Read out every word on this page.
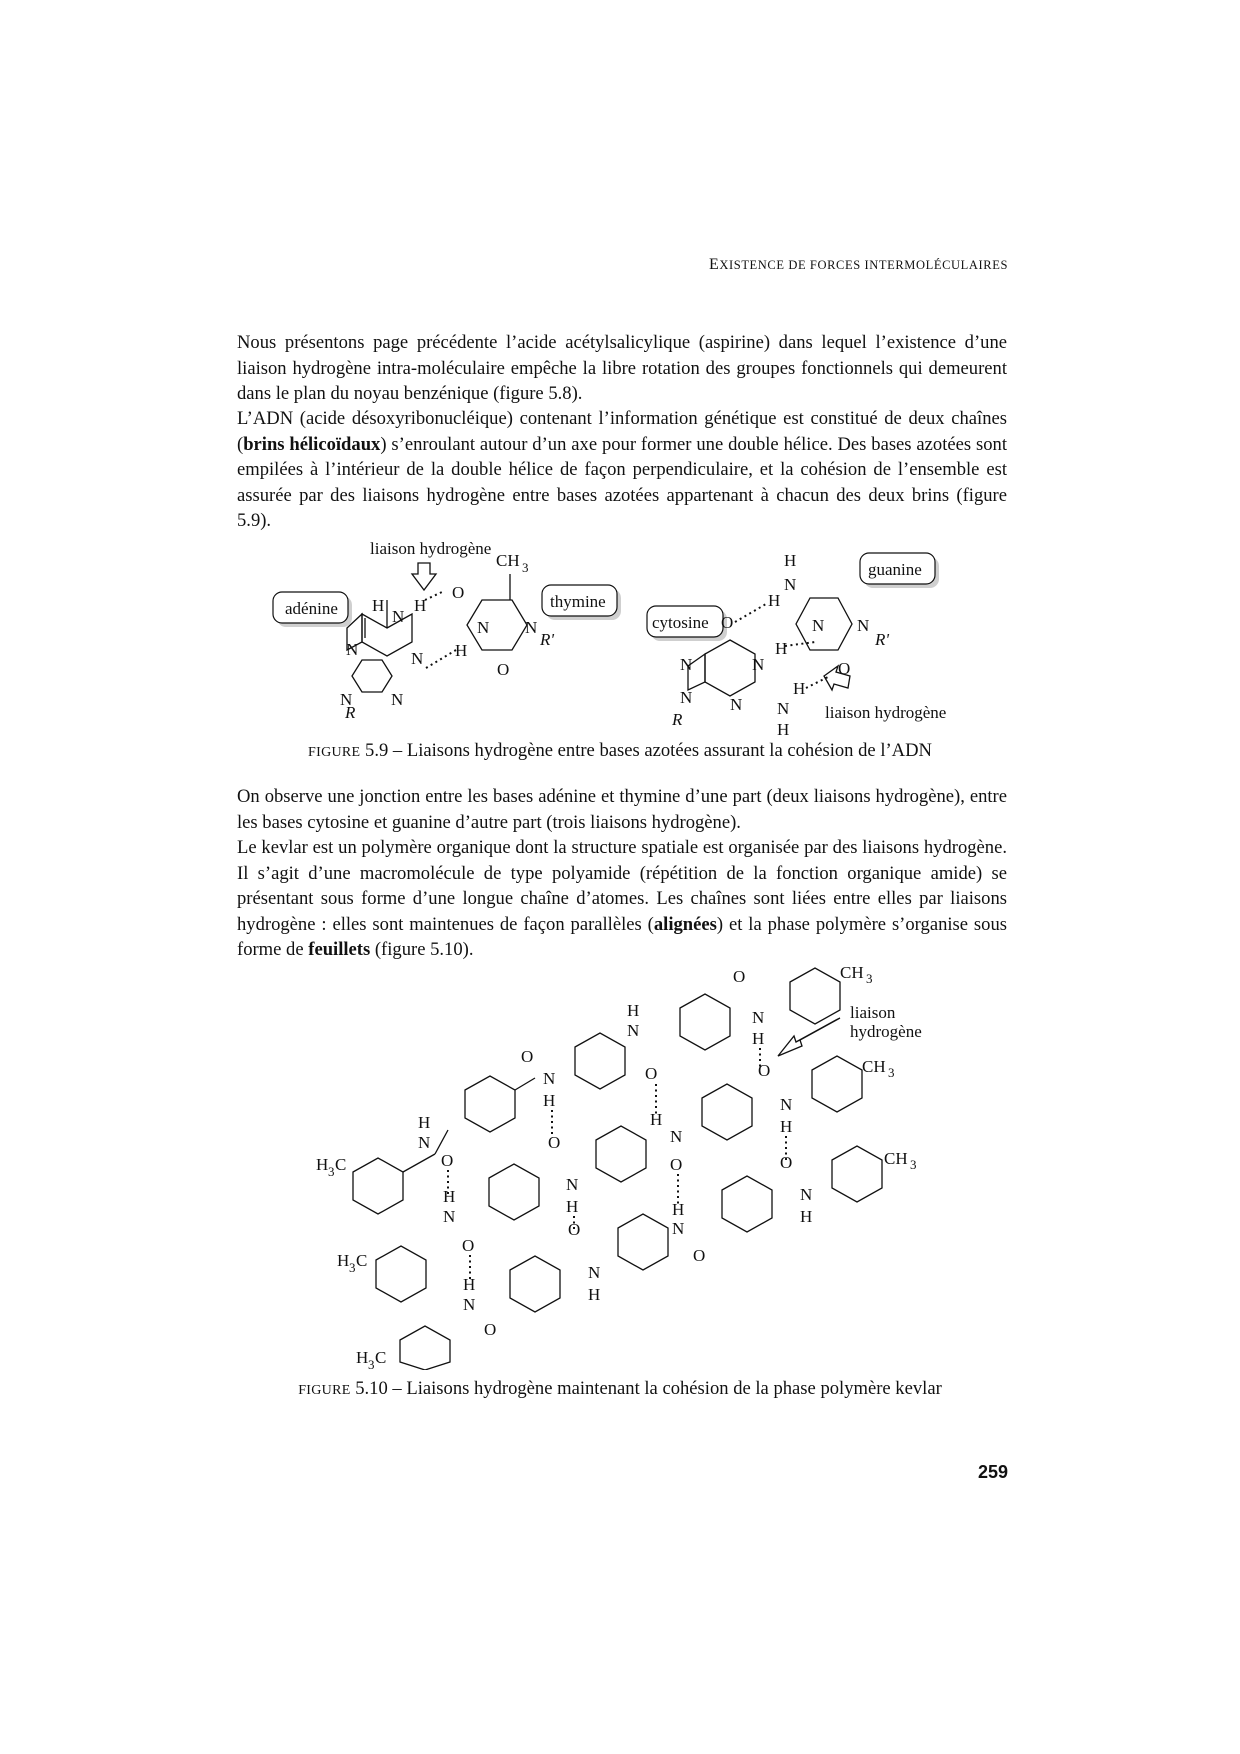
EXISTENCE DE FORCES INTERMOLÉCULAIRES

Nous présentons page précédente l’acide acétylsalicylique (aspirine) dans lequel l’existence d’une liaison hydrogène intra-moléculaire empêche la libre rotation des groupes fonctionnels qui demeurent dans le plan du noyau benzénique (figure 5.8).

L’ADN (acide désoxyribonucléique) contenant l’information génétique est constitué de deux chaînes (brins hélicoïdaux) s’enroulant autour d’un axe pour former une double hélice. Des bases azotées sont empilées à l’intérieur de la double hélice de façon perpendiculaire, et la cohésion de l’ensemble est assurée par des liaisons hydrogène entre bases azotées appartenant à chacun des deux brins (figure 5.9).

adénine	thymine
cytosine
guanine
liaison hydrogène
N	N
N N
R
N
H H
H
O
N N
O
R'
CH 3
O
N
N N
N
R
H
N
H
H
H
H
N
N N
O
R'
liaison hydrogène
FIGURE 5.9 – Liaisons hydrogène entre bases azotées assurant la cohésion de l’ADN

On observe une jonction entre les bases adénine et thymine d’une part (deux liaisons hydrogène), entre les bases cytosine et guanine d’autre part (trois liaisons hydrogène).

Le kevlar est un polymère organique dont la structure spatiale est organisée par des liaisons hydrogène. Il s’agit d’une macromolécule de type polyamide (répétition de la fonction organique amide) se présentant sous forme d’une longue chaîne d’atomes. Les chaînes sont liées entre elles par liaisons hydrogène : elles sont maintenues de façon parallèles (alignées) et la phase polymère s’organise sous forme de feuillets (figure 5.10).

N
H
O
O
N
H
N
H
O
O
N
H
CH 3
N
H
O
O
N
H
H
N
O
O
N
H
CH 3
N
H
O
O
N
H
H
N
O
O
N
H
CH 3
H 3 C
H 3 C
H 3 C
liaison
hydrogène
FIGURE 5.10 – Liaisons hydrogène maintenant la cohésion de la phase polymère kevlar
259
